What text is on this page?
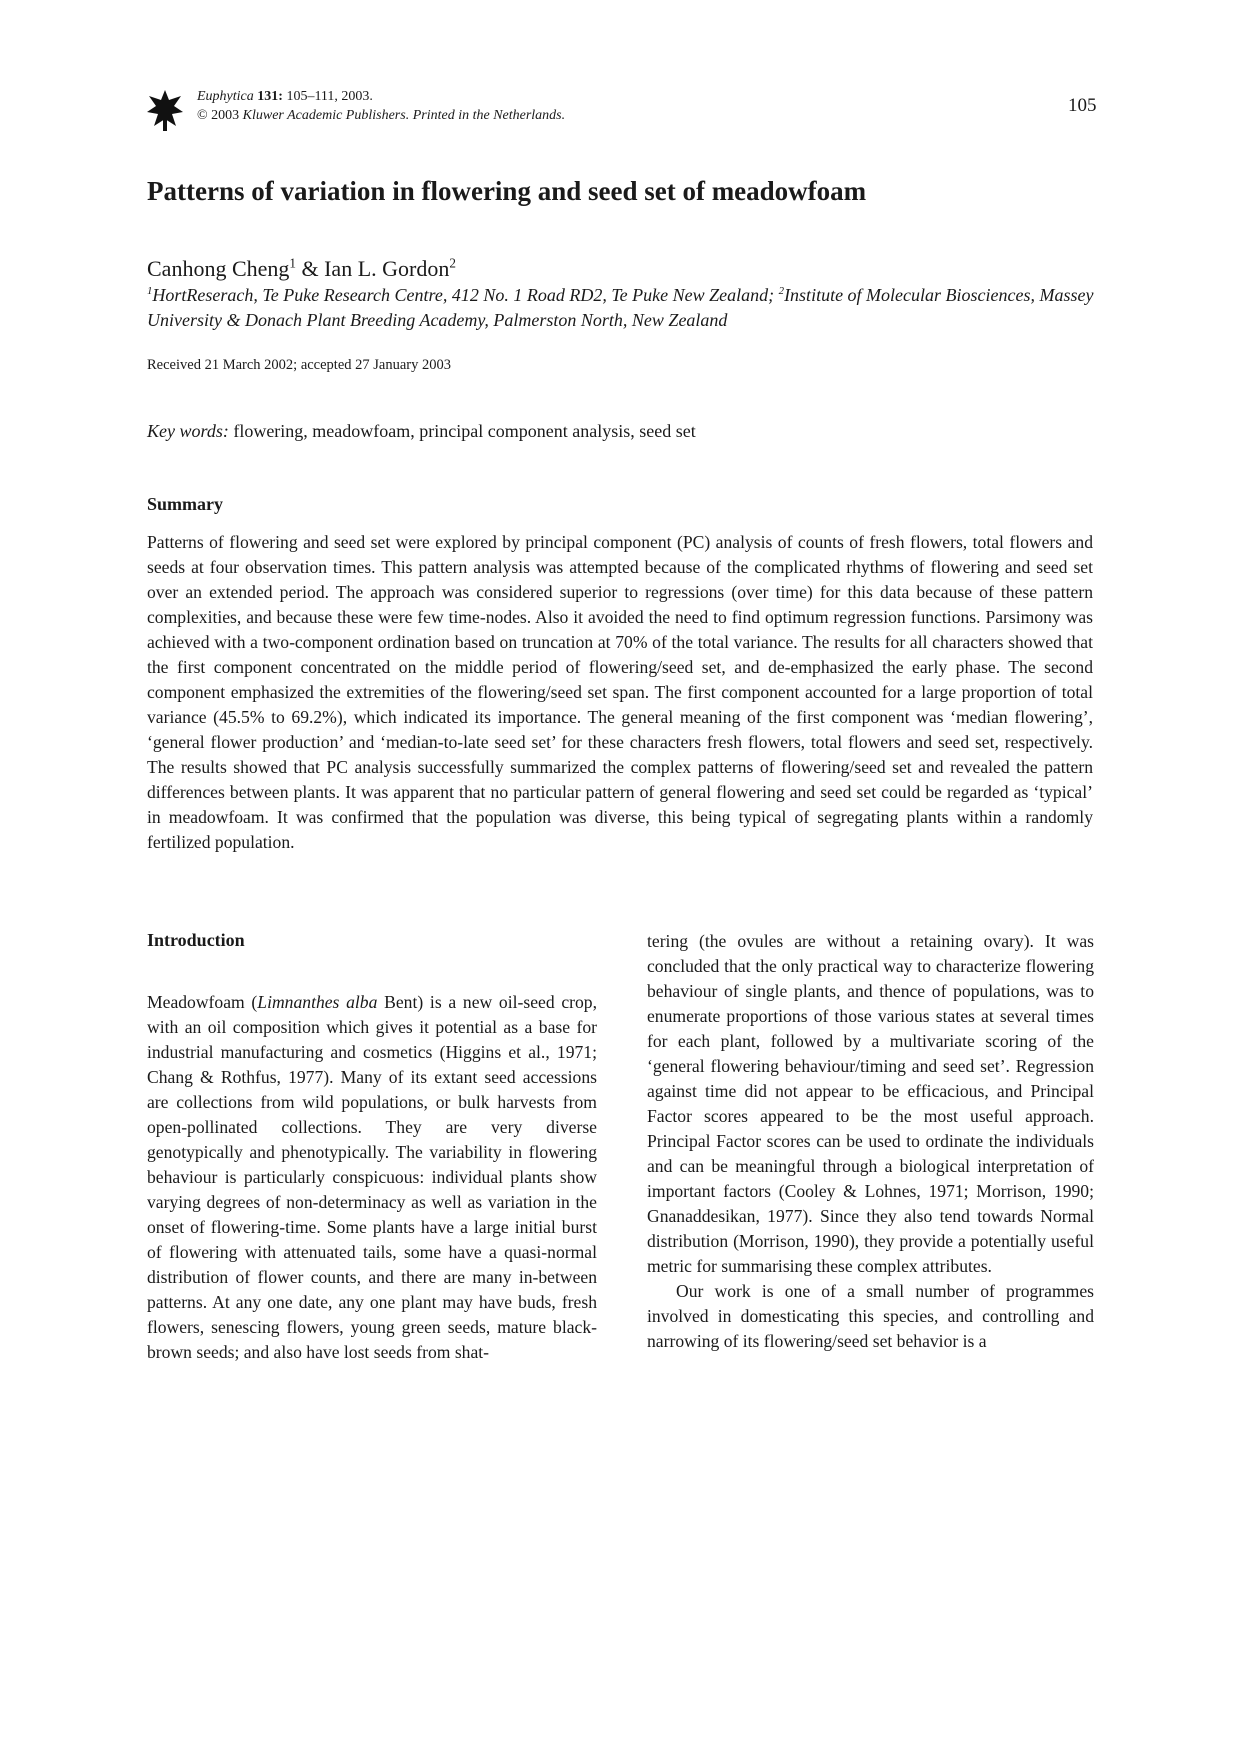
Euphytica 131: 105–111, 2003.
© 2003 Kluwer Academic Publishers. Printed in the Netherlands.	105
Patterns of variation in flowering and seed set of meadowfoam
Canhong Cheng$^1$ & Ian L. Gordon$^2$
$^1$HortReserach, Te Puke Research Centre, 412 No. 1 Road RD2, Te Puke New Zealand; $^2$Institute of Molecular Biosciences, Massey University & Donach Plant Breeding Academy, Palmerston North, New Zealand
Received 21 March 2002; accepted 27 January 2003
Key words: flowering, meadowfoam, principal component analysis, seed set
Summary
Patterns of flowering and seed set were explored by principal component (PC) analysis of counts of fresh flowers, total flowers and seeds at four observation times. This pattern analysis was attempted because of the complicated rhythms of flowering and seed set over an extended period. The approach was considered superior to regressions (over time) for this data because of these pattern complexities, and because these were few time-nodes. Also it avoided the need to find optimum regression functions. Parsimony was achieved with a two-component ordination based on truncation at 70% of the total variance. The results for all characters showed that the first component concentrated on the middle period of flowering/seed set, and de-emphasized the early phase. The second component emphasized the extremities of the flowering/seed set span. The first component accounted for a large proportion of total variance (45.5% to 69.2%), which indicated its importance. The general meaning of the first component was ‘median flowering’, ‘general flower production’ and ‘median-to-late seed set’ for these characters fresh flowers, total flowers and seed set, respectively. The results showed that PC analysis successfully summarized the complex patterns of flowering/seed set and revealed the pattern differences between plants. It was apparent that no particular pattern of general flowering and seed set could be regarded as ‘typical’ in meadowfoam. It was confirmed that the population was diverse, this being typical of segregating plants within a randomly fertilized population.
Introduction

Meadowfoam (Limnanthes alba Bent) is a new oil-seed crop, with an oil composition which gives it potential as a base for industrial manufacturing and cosmetics (Higgins et al., 1971; Chang & Rothfus, 1977). Many of its extant seed accessions are collections from wild populations, or bulk harvests from open-pollinated collections. They are very diverse genotypically and phenotypically. The variability in flowering behaviour is particularly conspicuous: individual plants show varying degrees of non-determinacy as well as variation in the onset of flowering-time. Some plants have a large initial burst of flowering with attenuated tails, some have a quasi-normal distribution of flower counts, and there are many in-between patterns. At any one date, any one plant may have buds, fresh flowers, senescing flowers, young green seeds, mature black-brown seeds; and also have lost seeds from shat-

tering (the ovules are without a retaining ovary). It was concluded that the only practical way to characterize flowering behaviour of single plants, and thence of populations, was to enumerate proportions of those various states at several times for each plant, followed by a multivariate scoring of the ‘general flowering behaviour/timing and seed set’. Regression against time did not appear to be efficacious, and Principal Factor scores appeared to be the most useful approach. Principal Factor scores can be used to ordinate the individuals and can be meaningful through a biological interpretation of important factors (Cooley & Lohnes, 1971; Morrison, 1990; Gnanaddesikan, 1977). Since they also tend towards Normal distribution (Morrison, 1990), they provide a potentially useful metric for summarising these complex attributes.

Our work is one of a small number of programmes involved in domesticating this species, and controlling and narrowing of its flowering/seed set behavior is a
